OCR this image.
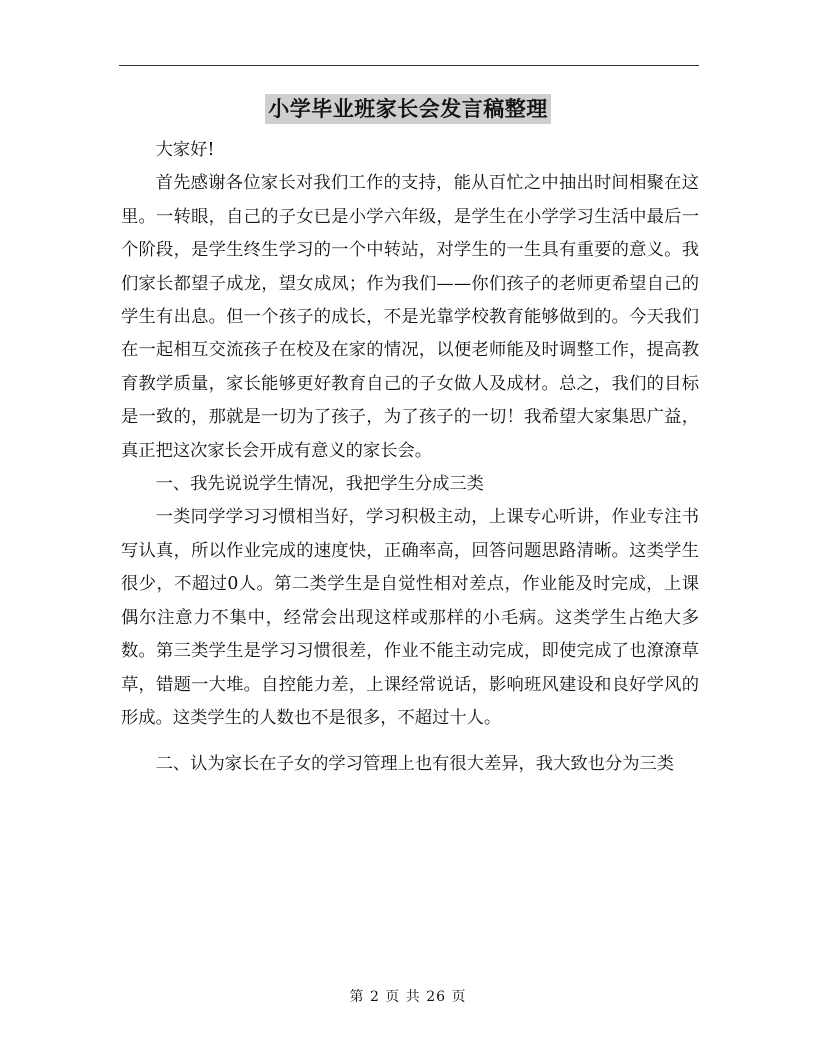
小学毕业班家长会发言稿整理

大家好!

首先感谢各位家长对我们工作的支持，能从百忙之中抽出时间相聚在这里。一转眼，自己的子女已是小学六年级，是学生在小学学习生活中最后一个阶段，是学生终生学习的一个中转站，对学生的一生具有重要的意义。我们家长都望子成龙，望女成凤；作为我们——你们孩子的老师更希望自己的学生有出息。但一个孩子的成长，不是光靠学校教育能够做到的。今天我们在一起相互交流孩子在校及在家的情况，以便老师能及时调整工作，提高教育教学质量，家长能够更好教育自己的子女做人及成材。总之，我们的目标是一致的，那就是一切为了孩子，为了孩子的一切！我希望大家集思广益，真正把这次家长会开成有意义的家长会。

一、我先说说学生情况，我把学生分成三类

一类同学学习习惯相当好，学习积极主动，上课专心听讲，作业专注书写认真，所以作业完成的速度快，正确率高，回答问题思路清晰。这类学生很少，不超过0人。第二类学生是自觉性相对差点，作业能及时完成，上课偶尔注意力不集中，经常会出现这样或那样的小毛病。这类学生占绝大多数。第三类学生是学习习惯很差，作业不能主动完成，即使完成了也潦潦草草，错题一大堆。自控能力差，上课经常说话，影响班风建设和良好学风的形成。这类学生的人数也不是很多，不超过十人。

二、认为家长在子女的学习管理上也有很大差异，我大致也分为三类

第 2 页 共 26 页
